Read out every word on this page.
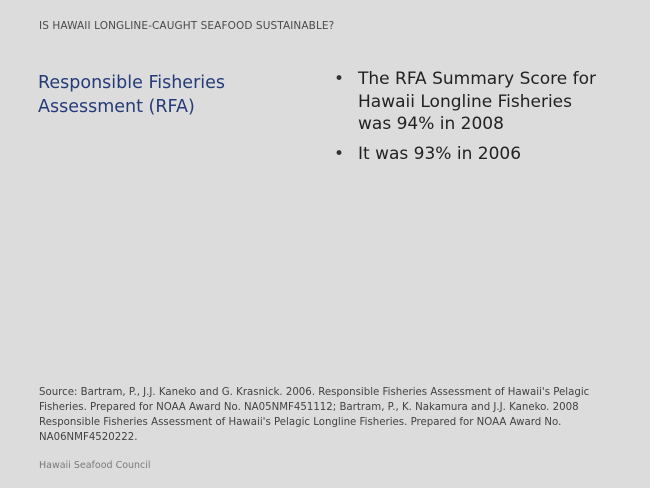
IS HAWAII LONGLINE-CAUGHT SEAFOOD SUSTAINABLE?
Responsible Fisheries Assessment (RFA)
• The RFA Summary Score for Hawaii Longline Fisheries was 94% in 2008
• It was 93% in 2006
Source: Bartram, P., J.J. Kaneko and G. Krasnick. 2006. Responsible Fisheries Assessment of Hawaii's Pelagic Fisheries. Prepared for NOAA Award No. NA05NMF451112; Bartram, P., K. Nakamura and J.J. Kaneko. 2008 Responsible Fisheries Assessment of Hawaii's Pelagic Longline Fisheries. Prepared for NOAA Award No. NA06NMF4520222.
Hawaii Seafood Council
